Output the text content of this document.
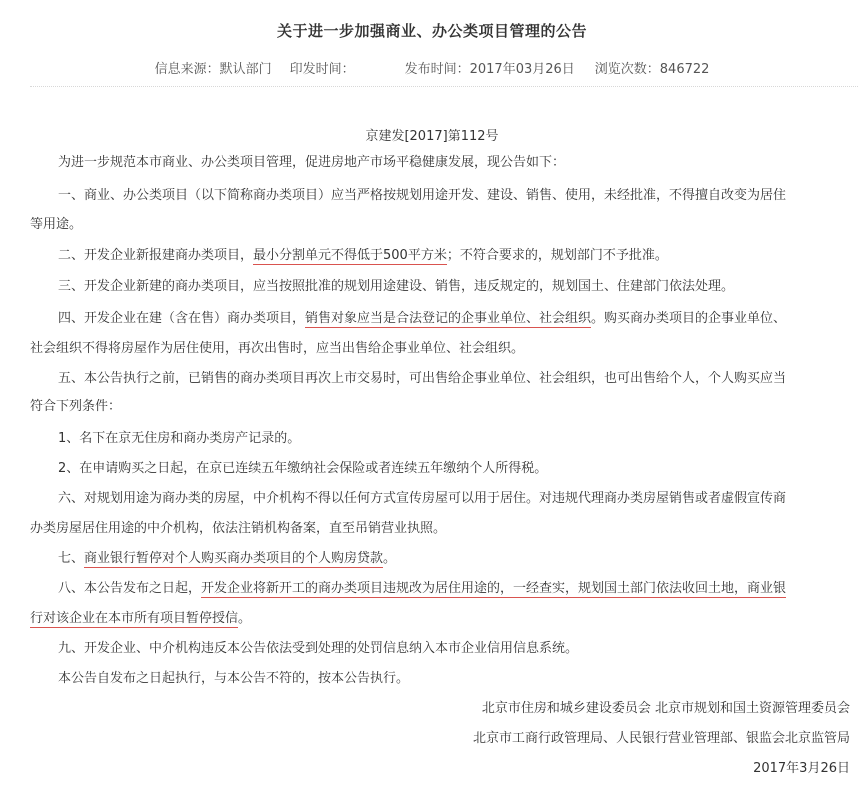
关于进一步加强商业、办公类项目管理的公告
信息来源：默认部门 印发时间：	发布时间：2017年03月26日 浏览次数：846722
京建发[2017]第112号
为进一步规范本市商业、办公类项目管理，促进房地产市场平稳健康发展，现公告如下：
一、商业、办公类项目（以下简称商办类项目）应当严格按规划用途开发、建设、销售、使用，未经批准，不得擅自改变为居住
等用途。
二、开发企业新报建商办类项目，最小分割单元不得低于500平方米；不符合要求的，规划部门不予批准。
三、开发企业新建的商办类项目，应当按照批准的规划用途建设、销售，违反规定的，规划国土、住建部门依法处理。
四、开发企业在建（含在售）商办类项目，销售对象应当是合法登记的企事业单位、社会组织。购买商办类项目的企事业单位、
社会组织不得将房屋作为居住使用，再次出售时，应当出售给企事业单位、社会组织。
五、本公告执行之前，已销售的商办类项目再次上市交易时，可出售给企事业单位、社会组织，也可出售给个人，个人购买应当
符合下列条件：
1、名下在京无住房和商办类房产记录的。
2、在申请购买之日起，在京已连续五年缴纳社会保险或者连续五年缴纳个人所得税。
六、对规划用途为商办类的房屋，中介机构不得以任何方式宣传房屋可以用于居住。对违规代理商办类房屋销售或者虚假宣传商
办类房屋居住用途的中介机构，依法注销机构备案，直至吊销营业执照。
七、商业银行暂停对个人购买商办类项目的个人购房贷款。
八、本公告发布之日起，开发企业将新开工的商办类项目违规改为居住用途的，一经查实，规划国土部门依法收回土地，商业银
行对该企业在本市所有项目暂停授信。
九、开发企业、中介机构违反本公告依法受到处理的处罚信息纳入本市企业信用信息系统。
本公告自发布之日起执行，与本公告不符的，按本公告执行。
北京市住房和城乡建设委员会 北京市规划和国土资源管理委员会
北京市工商行政管理局、人民银行营业管理部、银监会北京监管局
2017年3月26日
